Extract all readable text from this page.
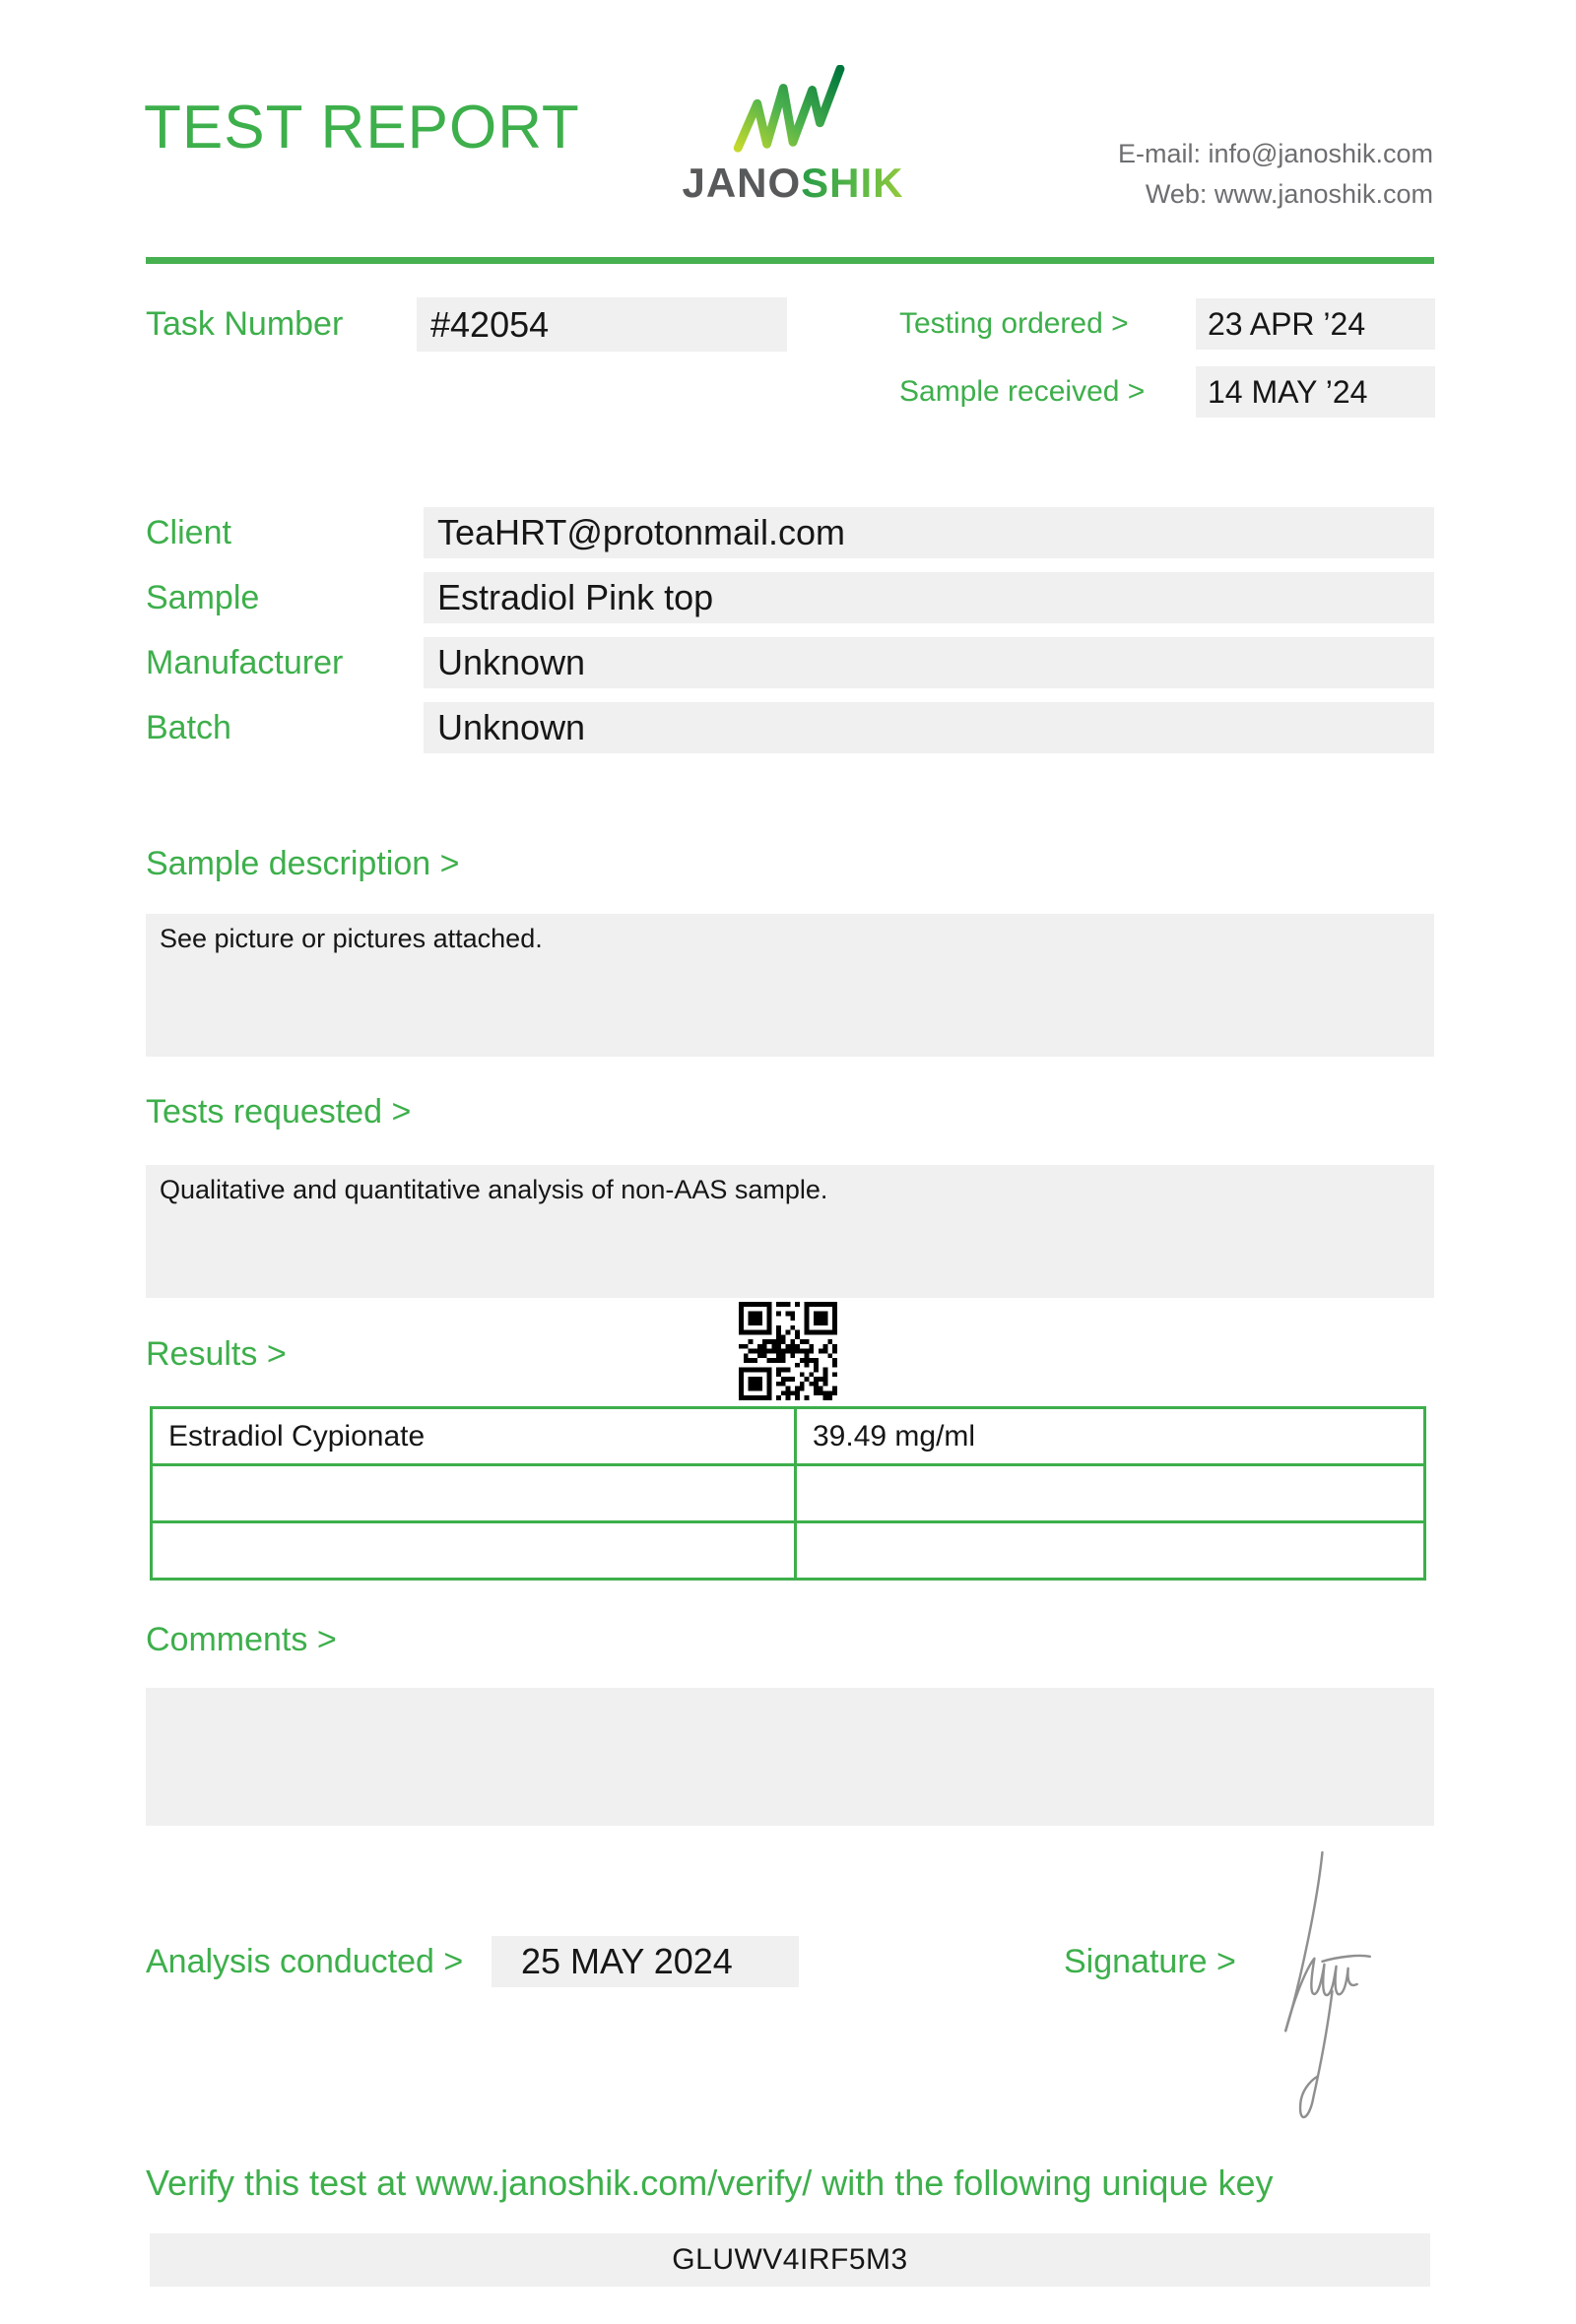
TEST REPORT
JANOSHIK
E-mail: info@janoshik.com
Web: www.janoshik.com
Task Number	#42054	Testing ordered >	23 APR ’24
Sample received >	14 MAY ’24
Client	TeaHRT@protonmail.com
Sample	Estradiol Pink top
Manufacturer	Unknown
Batch	Unknown
Sample description >

See picture or pictures attached.

Tests requested >

Qualitative and quantitative analysis of non-AAS sample.

Results >
Estradiol Cypionate	39.49 mg/ml

Comments >

Analysis conducted >	25 MAY 2024	Signature >
Verify this test at www.janoshik.com/verify/ with the following unique key
GLUWV4IRF5M3
